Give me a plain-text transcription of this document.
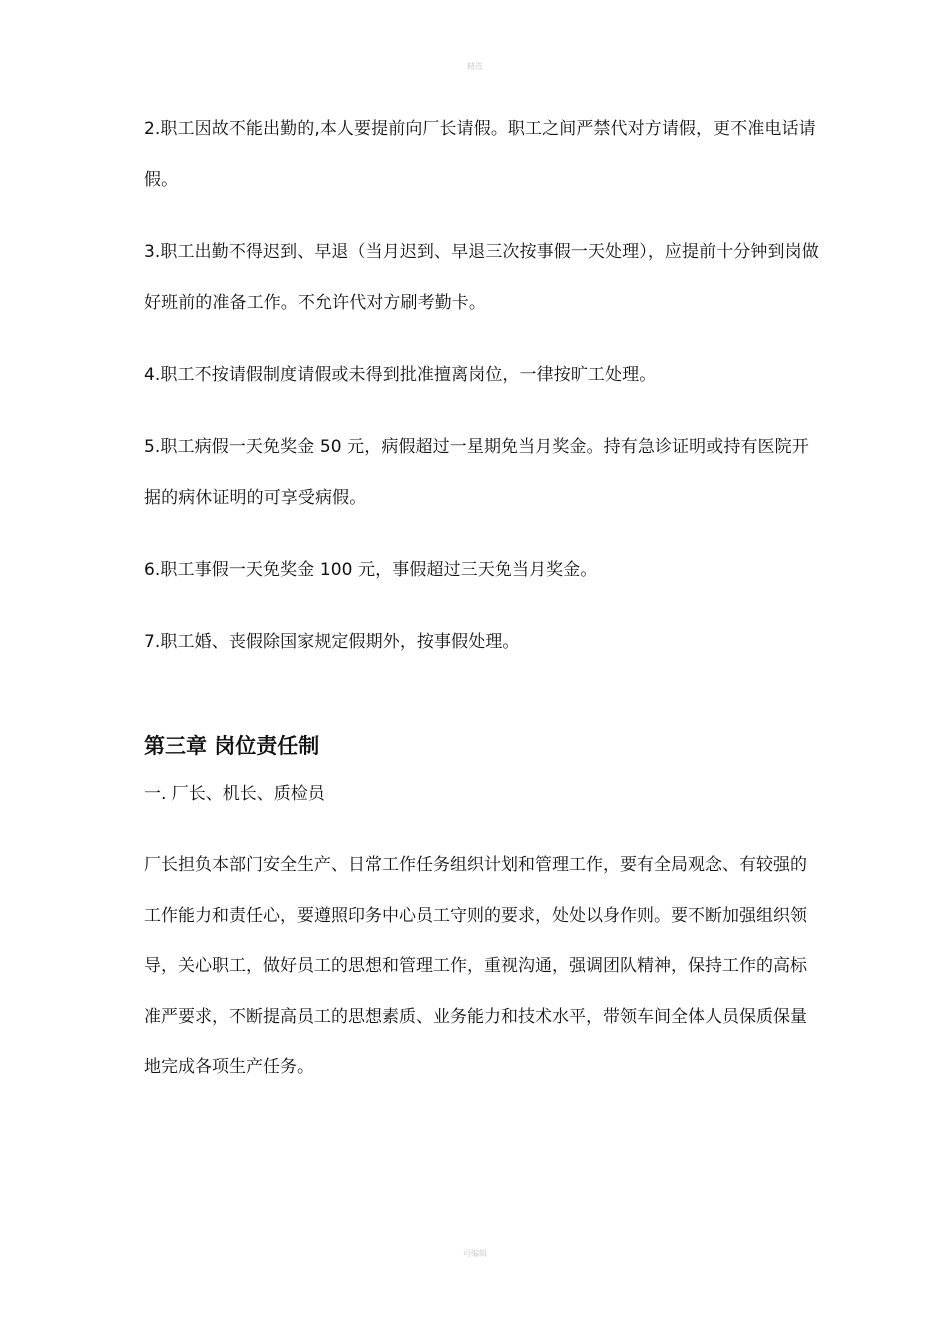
精选

2.职工因故不能出勤的,本人要提前向厂长请假。职工之间严禁代对方请假，更不准电话请假。

3.职工出勤不得迟到、早退（当月迟到、早退三次按事假一天处理），应提前十分钟到岗做好班前的准备工作。不允许代对方刷考勤卡。

4.职工不按请假制度请假或未得到批准擅离岗位，一律按旷工处理。

5.职工病假一天免奖金 50 元，病假超过一星期免当月奖金。持有急诊证明或持有医院开据的病休证明的可享受病假。

6.职工事假一天免奖金 100 元，事假超过三天免当月奖金。

7.职工婚、丧假除国家规定假期外，按事假处理。

第三章 岗位责任制

一. 厂长、机长、质检员

厂长担负本部门安全生产、日常工作任务组织计划和管理工作，要有全局观念、有较强的工作能力和责任心，要遵照印务中心员工守则的要求，处处以身作则。要不断加强组织领导，关心职工，做好员工的思想和管理工作，重视沟通，强调团队精神，保持工作的高标准严要求，不断提高员工的思想素质、业务能力和技术水平，带领车间全体人员保质保量地完成各项生产任务。

可编辑
